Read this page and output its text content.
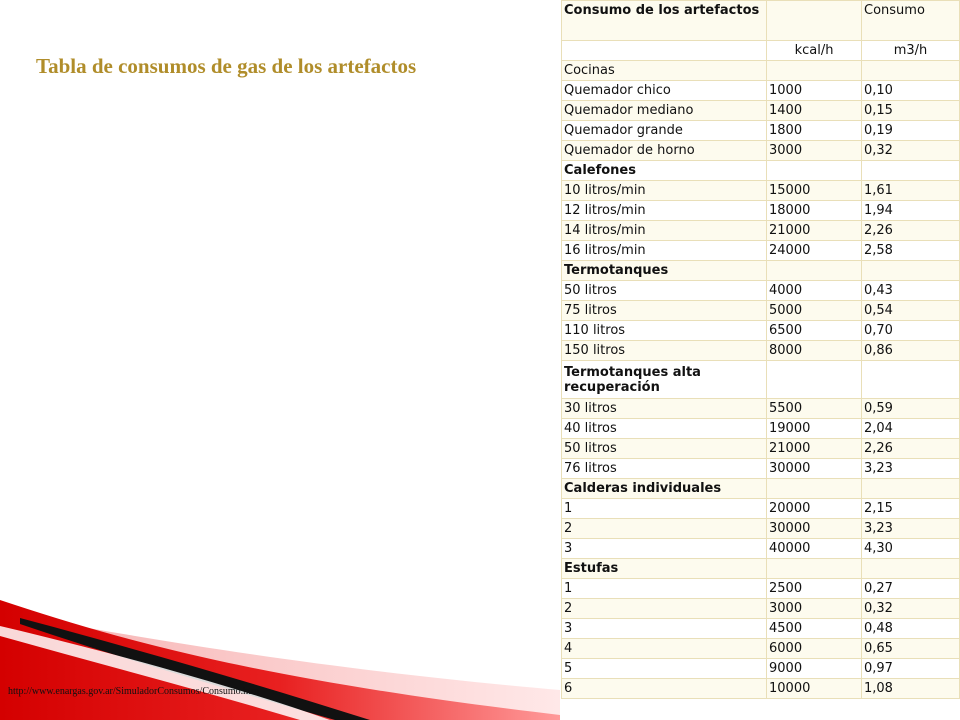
Tabla de consumos de gas de los artefactos
http://www.enargas.gov.ar/SimuladorConsumos/Consumo.htm
Consumo de los artefactos		Consumo
	kcal/h	m3/h
Cocinas		
Quemador chico	1000	0,10
Quemador mediano	1400	0,15
Quemador grande	1800	0,19
Quemador de horno	3000	0,32
Calefones		
10 litros/min	15000	1,61
12 litros/min	18000	1,94
14 litros/min	21000	2,26
16 litros/min	24000	2,58
Termotanques		
50 litros	4000	0,43
75 litros	5000	0,54
110 litros	6500	0,70
150 litros	8000	0,86
Termotanques alta recuperación		
30 litros	5500	0,59
40 litros	19000	2,04
50 litros	21000	2,26
76 litros	30000	3,23
Calderas individuales		
1	20000	2,15
2	30000	3,23
3	40000	4,30
Estufas		
1	2500	0,27
2	3000	0,32
3	4500	0,48
4	6000	0,65
5	9000	0,97
6	10000	1,08
